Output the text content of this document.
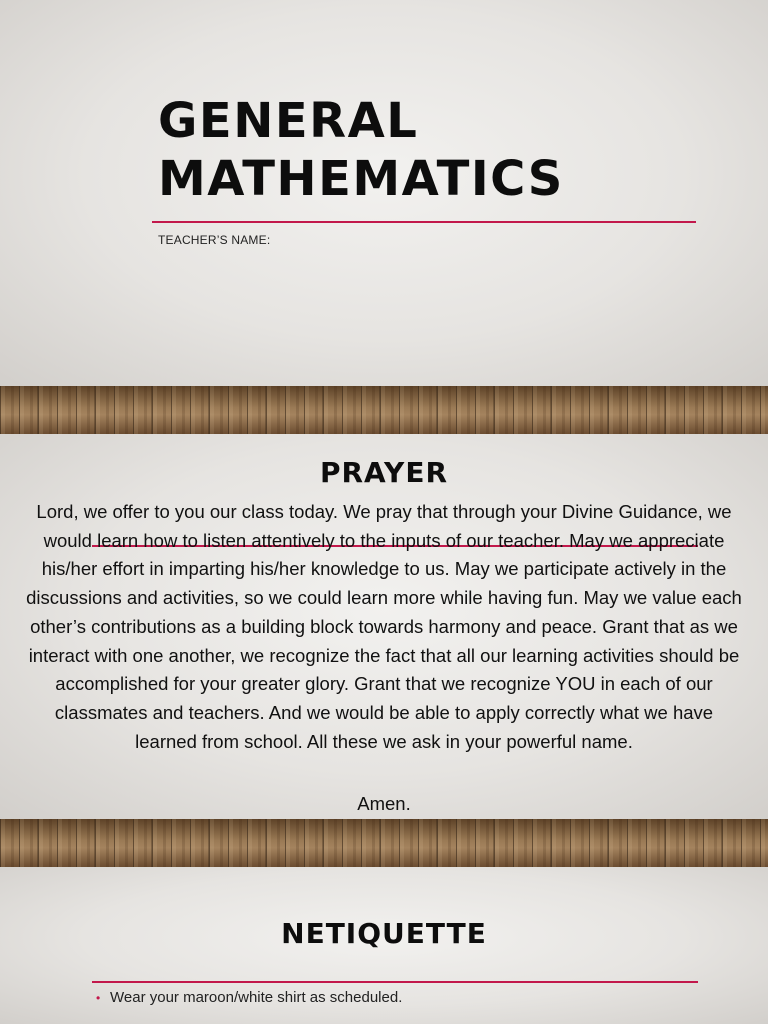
GENERAL
MATHEMATICS
TEACHER’S NAME:
PRAYER

Lord, we offer to you our class today. We pray that through your Divine Guidance, we would learn how to listen attentively to the inputs of our teacher. May we appreciate his/her effort in imparting his/her knowledge to us. May we participate actively in the discussions and activities, so we could learn more while having fun. May we value each other’s contributions as a building block towards harmony and peace. Grant that as we interact with one another, we recognize the fact that all our learning activities should be accomplished for your greater glory. Grant that we recognize YOU in each of our classmates and teachers. And we would be able to apply correctly what we have learned from school. All these we ask in your powerful name.

Amen.
NETIQUETTE
• Wear your maroon/white shirt as scheduled.
